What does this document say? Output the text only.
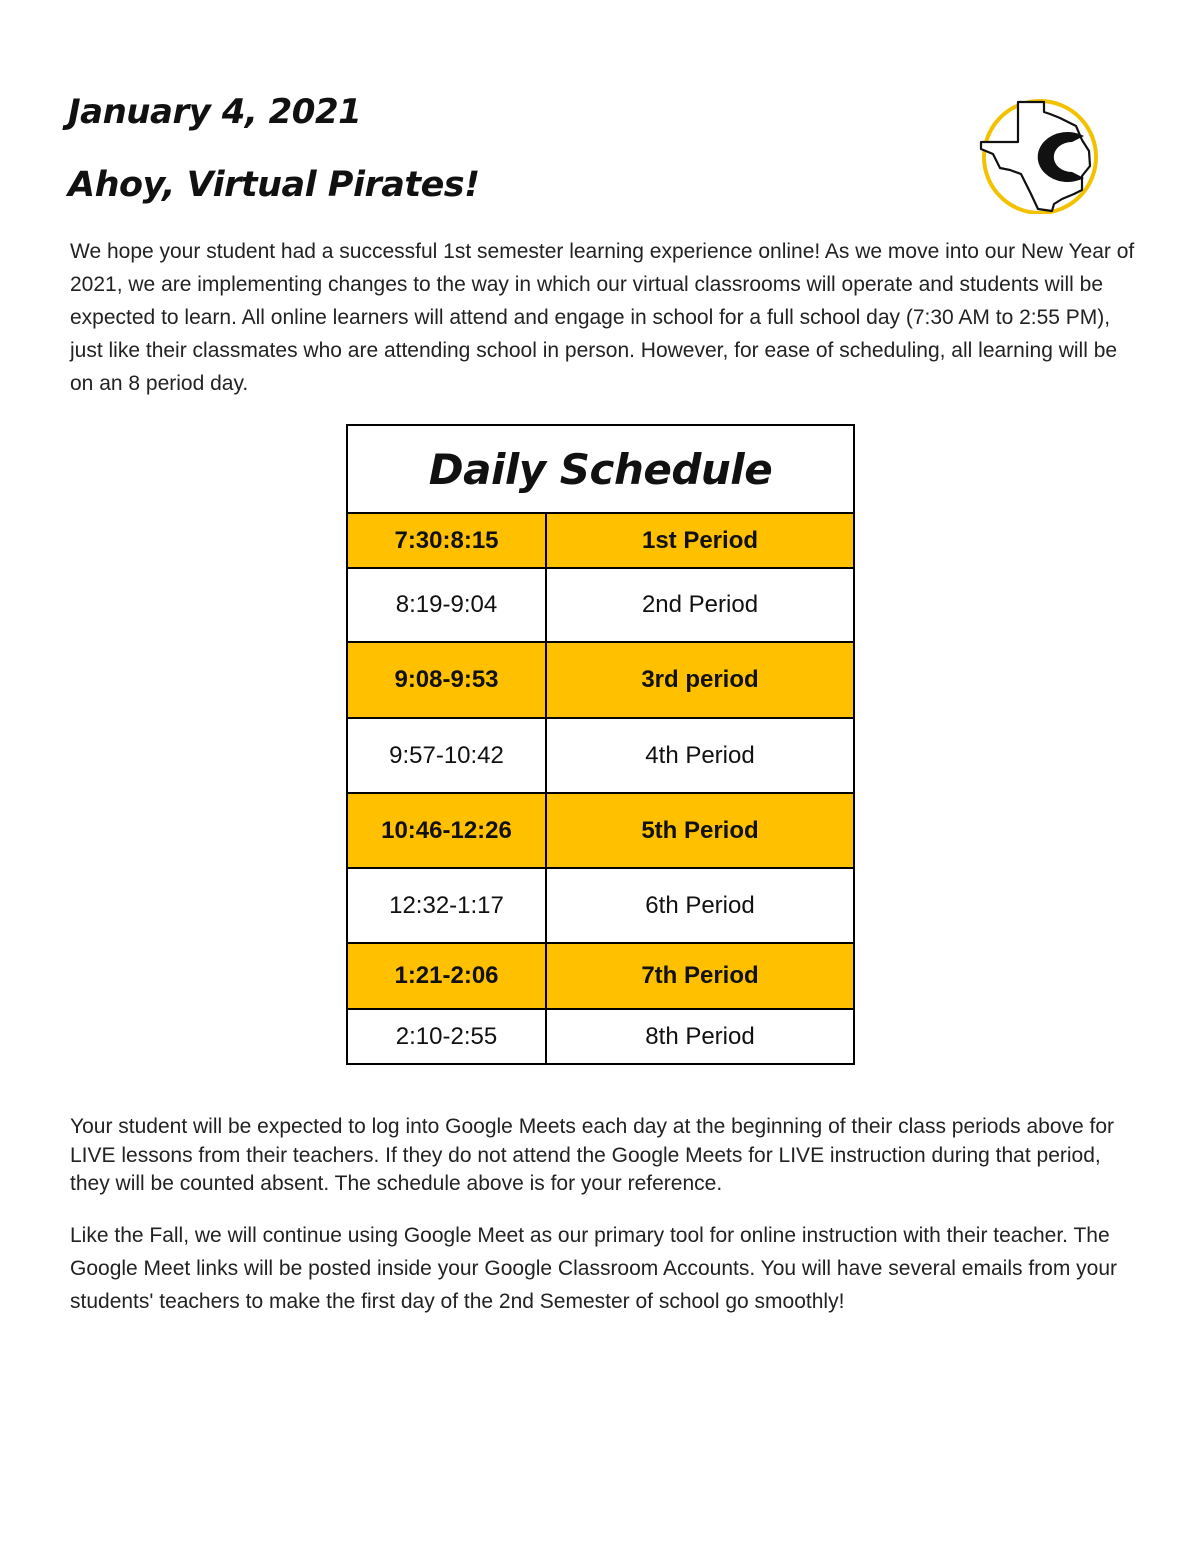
January 4, 2021
Ahoy, Virtual Pirates!

We hope your student had a successful 1st semester learning experience online! As we move into our New Year of 2021, we are implementing changes to the way in which our virtual classrooms will operate and students will be expected to learn. All online learners will attend and engage in school for a full school day (7:30 AM to 2:55 PM), just like their classmates who are attending school in person. However, for ease of scheduling, all learning will be on an 8 period day.

Daily Schedule	
7:30:8:15	1st Period
8:19-9:04	2nd Period
9:08-9:53	3rd period
9:57-10:42	4th Period
10:46-12:26	5th Period
12:32-1:17	6th Period
1:21-2:06	7th Period
2:10-2:55	8th Period

Your student will be expected to log into Google Meets each day at the beginning of their class periods above for LIVE lessons from their teachers. If they do not attend the Google Meets for LIVE instruction during that period, they will be counted absent. The schedule above is for your reference.

Like the Fall, we will continue using Google Meet as our primary tool for online instruction with their teacher. The Google Meet links will be posted inside your Google Classroom Accounts. You will have several emails from your students' teachers to make the first day of the 2nd Semester of school go smoothly!
